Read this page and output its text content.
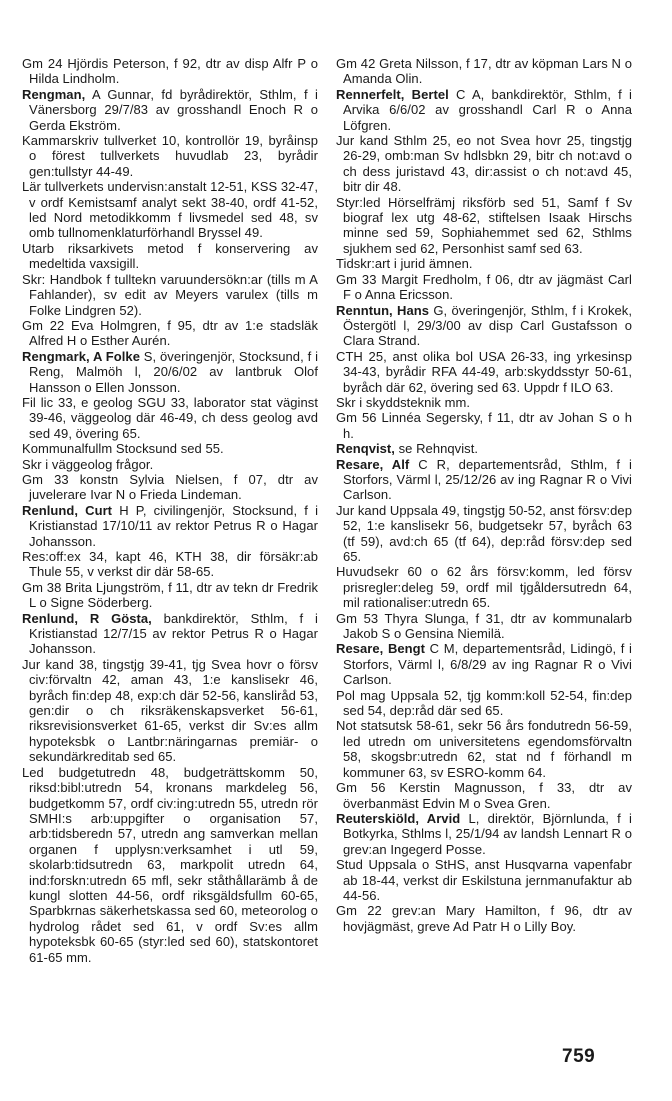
Gm 24 Hjördis Peterson, f 92, dtr av disp Alfr P o Hilda Lindholm.

Rengman, A Gunnar, fd byrådirektör, Sthlm, f i Vänersborg 29/7/83 av grosshandl Enoch R o Gerda Ekström.

Kammarskriv tullverket 10, kontrollör 19, byråinsp o förest tullverkets huvudlab 23, byrådir gen:tullstyr 44-49.

Lär tullverkets undervisn:anstalt 12-51, KSS 32-47, v ordf Kemistsamf analyt sekt 38-40, ordf 41-52, led Nord metodikkomm f livsmedel sed 48, sv omb tullnomenklaturförhandl Bryssel 49.

Utarb riksarkivets metod f konservering av medeltida vaxsigill.

Skr: Handbok f tulltekn varuundersökn:ar (tills m A Fahlander), sv edit av Meyers varulex (tills m Folke Lindgren 52).

Gm 22 Eva Holmgren, f 95, dtr av 1:e stadsläk Alfred H o Esther Aurén.

Rengmark, A Folke S, överingenjör, Stocksund, f i Reng, Malmöh l, 20/6/02 av lantbruk Olof Hansson o Ellen Jonsson.

Fil lic 33, e geolog SGU 33, laborator stat väginst 39-46, väggeolog där 46-49, ch dess geolog avd sed 49, övering 65.

Kommunalfullm Stocksund sed 55.

Skr i väggeolog frågor.

Gm 33 konstn Sylvia Nielsen, f 07, dtr av juvelerare Ivar N o Frieda Lindeman.

Renlund, Curt H P, civilingenjör, Stocksund, f i Kristianstad 17/10/11 av rektor Petrus R o Hagar Johansson.

Res:off:ex 34, kapt 46, KTH 38, dir försäkr:ab Thule 55, v verkst dir där 58-65.

Gm 38 Brita Ljungström, f 11, dtr av tekn dr Fredrik L o Signe Söderberg.

Renlund, R Gösta, bankdirektör, Sthlm, f i Kristianstad 12/7/15 av rektor Petrus R o Hagar Johansson.

Jur kand 38, tingstjg 39-41, tjg Svea hovr o försv civ:förvaltn 42, aman 43, 1:e kanslisekr 46, byråch fin:dep 48, exp:ch där 52-56, kansliråd 53, gen:dir o ch riksräkenskapsverket 56-61, riksrevisionsverket 61-65, verkst dir Sv:es allm hypoteksbk o Lantbr:näringarnas premiär- o sekundärkreditab sed 65.

Led budgetutredn 48, budgeträttskomm 50, riksd:bibl:utredn 54, kronans markdeleg 56, budgetkomm 57, ordf civ:ing:utredn 55, utredn rör SMHI:s arb:uppgifter o organisation 57, arb:tidsberedn 57, utredn ang samverkan mellan organen f upplysn:verksamhet i utl 59, skolarb:tidsutredn 63, markpolit utredn 64, ind:forskn:utredn 65 mfl, sekr ståthållarämb å de kungl slotten 44-56, ordf riksgäldsfullm 60-65, Sparbkrnas säkerhetskassa sed 60, meteorolog o hydrolog rådet sed 61, v ordf Sv:es allm hypoteksbk 60-65 (styr:led sed 60), statskontoret 61-65 mm.

Gm 42 Greta Nilsson, f 17, dtr av köpman Lars N o Amanda Olin.

Rennerfelt, Bertel C A, bankdirektör, Sthlm, f i Arvika 6/6/02 av grosshandl Carl R o Anna Löfgren.

Jur kand Sthlm 25, eo not Svea hovr 25, tingstjg 26-29, omb:man Sv hdlsbkn 29, bitr ch not:avd o ch dess juristavd 43, dir:assist o ch not:avd 45, bitr dir 48.

Styr:led Hörselfrämj riksförb sed 51, Samf f Sv biograf lex utg 48-62, stiftelsen Isaak Hirschs minne sed 59, Sophiahemmet sed 62, Sthlms sjukhem sed 62, Personhist samf sed 63.

Tidskr:art i jurid ämnen.

Gm 33 Margit Fredholm, f 06, dtr av jägmäst Carl F o Anna Ericsson.

Renntun, Hans G, överingenjör, Sthlm, f i Krokek, Östergötl l, 29/3/00 av disp Carl Gustafsson o Clara Strand.

CTH 25, anst olika bol USA 26-33, ing yrkesinsp 34-43, byrådir RFA 44-49, arb:skyddsstyr 50-61, byråch där 62, övering sed 63. Uppdr f ILO 63.

Skr i skyddsteknik mm.

Gm 56 Linnéa Segersky, f 11, dtr av Johan S o h h.

Renqvist, se Rehnqvist.

Resare, Alf C R, departementsråd, Sthlm, f i Storfors, Värml l, 25/12/26 av ing Ragnar R o Vivi Carlson.

Jur kand Uppsala 49, tingstjg 50-52, anst försv:dep 52, 1:e kanslisekr 56, budgetsekr 57, byråch 63 (tf 59), avd:ch 65 (tf 64), dep:råd försv:dep sed 65.

Huvudsekr 60 o 62 års försv:komm, led försv prisregler:deleg 59, ordf mil tjgåldersutredn 64, mil rationaliser:utredn 65.

Gm 53 Thyra Slunga, f 31, dtr av kommunalarb Jakob S o Gensina Niemilä.

Resare, Bengt C M, departementsråd, Lidingö, f i Storfors, Värml l, 6/8/29 av ing Ragnar R o Vivi Carlson.

Pol mag Uppsala 52, tjg komm:koll 52-54, fin:dep sed 54, dep:råd där sed 65.

Not statsutsk 58-61, sekr 56 års fondutredn 56-59, led utredn om universitetens egendomsförvaltn 58, skogsbr:utredn 62, stat nd f förhandl m kommuner 63, sv ESRO-komm 64.

Gm 56 Kerstin Magnusson, f 33, dtr av överbanmäst Edvin M o Svea Gren.

Reuterskiöld, Arvid L, direktör, Björnlunda, f i Botkyrka, Sthlms l, 25/1/94 av landsh Lennart R o grev:an Ingegerd Posse.

Stud Uppsala o StHS, anst Husqvarna vapenfabr ab 18-44, verkst dir Eskilstuna jernmanufaktur ab 44-56.

Gm 22 grev:an Mary Hamilton, f 96, dtr av hovjägmäst, greve Ad Patr H o Lilly Boy.

759
